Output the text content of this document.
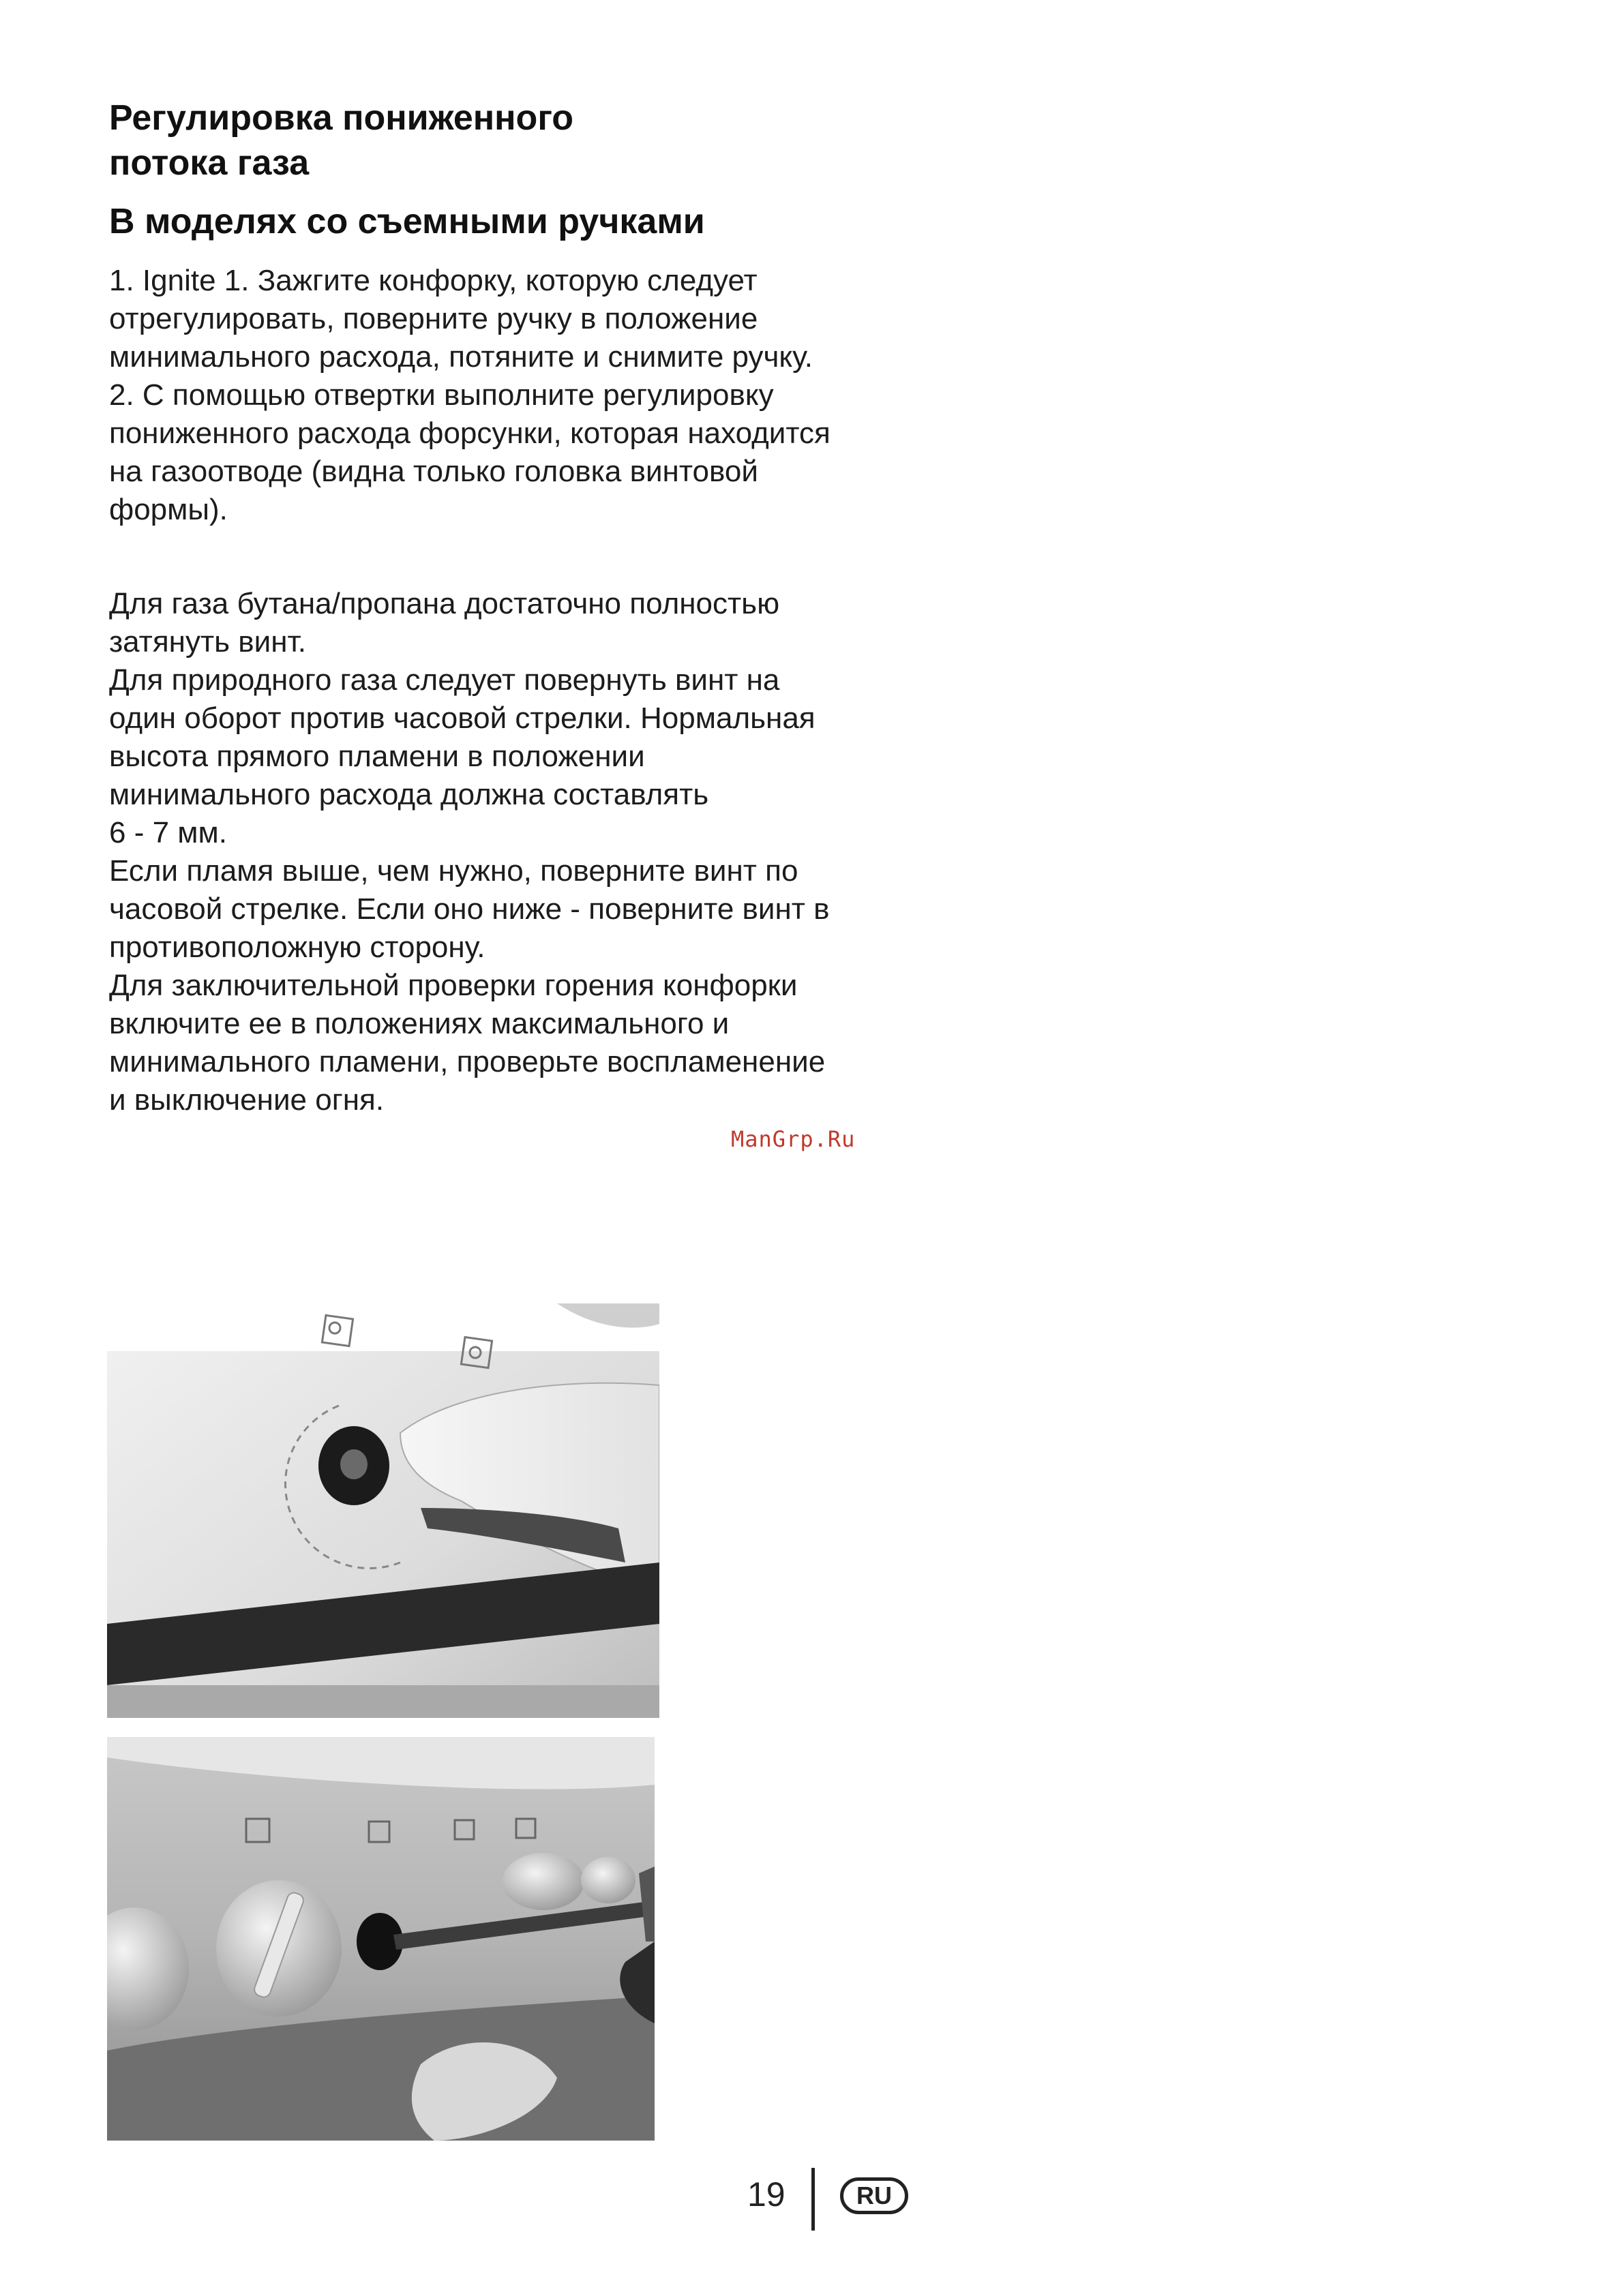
Регулировка пониженного
потока газа
В моделях со съемными ручками

1. Ignite 1. Зажгите конфорку, которую следует отрегулировать, поверните ручку в положение минимального расхода, потяните и снимите ручку.

2. С помощью отвертки выполните регулировку пониженного расхода форсунки, которая находится на газоотводе (видна только головка винтовой формы).

Для газа бутана/пропана достаточно полностью затянуть винт.

Для природного газа следует повернуть винт на один оборот против часовой стрелки. Нормальная высота прямого пламени в положении минимального расхода должна составлять

6 - 7 мм.

Если пламя выше, чем нужно, поверните винт по часовой стрелке. Если оно ниже - поверните винт в противоположную сторону.

Для заключительной проверки горения конфорки включите ее в положениях максимального и минимального пламени, проверьте воспламенение и выключение огня.

ManGrp.Ru
19	RU
